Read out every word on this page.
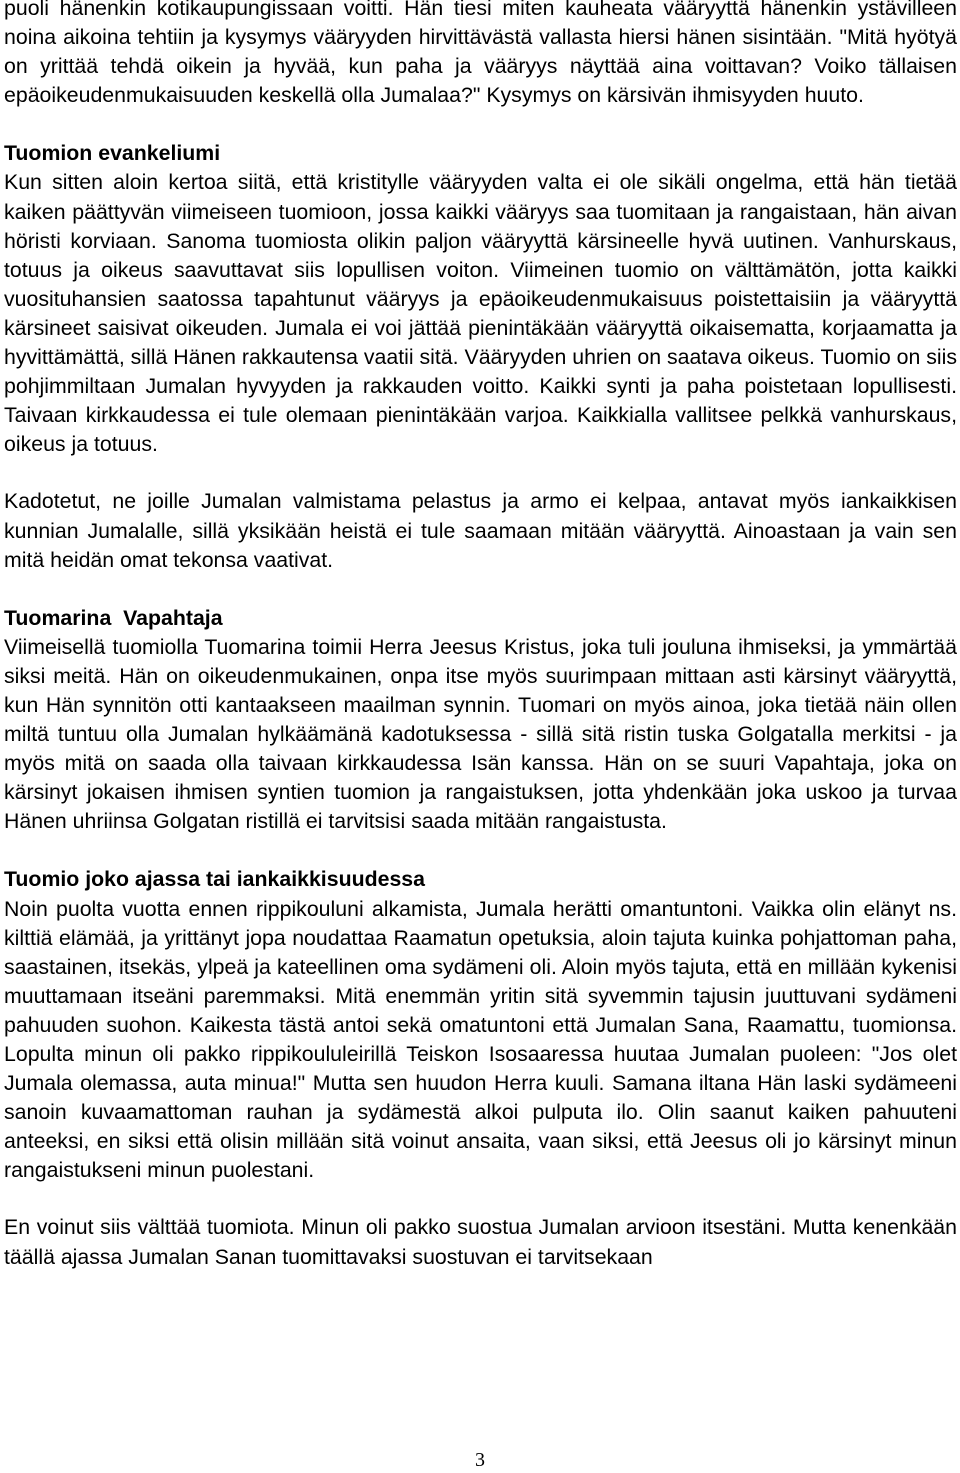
puoli hänenkin kotikaupungissaan voitti. Hän tiesi miten kauheata vääryyttä hänenkin ystävilleen noina aikoina tehtiin ja kysymys vääryyden hirvittävästä vallasta hiersi hänen sisintään. "Mitä hyötyä on yrittää tehdä oikein ja hyvää, kun paha ja vääryys näyttää aina voittavan? Voiko tällaisen epäoikeudenmukaisuuden keskellä olla Jumalaa?" Kysymys on kärsivän ihmisyyden huuto.

Tuomion evankeliumi

Kun sitten aloin kertoa siitä, että kristitylle vääryyden valta ei ole sikäli ongelma, että hän tietää kaiken päättyvän viimeiseen tuomioon, jossa kaikki vääryys saa tuomitaan ja rangaistaan, hän aivan höristi korviaan. Sanoma tuomiosta olikin paljon vääryyttä kärsineelle hyvä uutinen. Vanhurskaus, totuus ja oikeus saavuttavat siis lopullisen voiton. Viimeinen tuomio on välttämätön, jotta kaikki vuosituhansien saatossa tapahtunut vääryys ja epäoikeudenmukaisuus poistettaisiin ja vääryyttä kärsineet saisivat oikeuden. Jumala ei voi jättää pienintäkään vääryyttä oikaisematta, korjaamatta ja hyvittämättä, sillä Hänen rakkautensa vaatii sitä. Vääryyden uhrien on saatava oikeus. Tuomio on siis pohjimmiltaan Jumalan hyvyyden ja rakkauden voitto. Kaikki synti ja paha poistetaan lopullisesti. Taivaan kirkkaudessa ei tule olemaan pienintäkään varjoa. Kaikkialla vallitsee pelkkä vanhurskaus, oikeus ja totuus.

Kadotetut, ne joille Jumalan valmistama pelastus ja armo ei kelpaa, antavat myös iankaikkisen kunnian Jumalalle, sillä yksikään heistä ei tule saamaan mitään vääryyttä. Ainoastaan ja vain sen mitä heidän omat tekonsa vaativat.

Tuomarina  Vapahtaja

Viimeisellä tuomiolla Tuomarina toimii Herra Jeesus Kristus, joka tuli jouluna ihmiseksi, ja ymmärtää siksi meitä. Hän on oikeudenmukainen, onpa itse myös suurimpaan mittaan asti kärsinyt vääryyttä, kun Hän synnitön otti kantaakseen maailman synnin. Tuomari on myös ainoa, joka tietää näin ollen miltä tuntuu olla Jumalan hylkäämänä kadotuksessa - sillä sitä ristin tuska Golgatalla merkitsi - ja myös mitä on saada olla taivaan kirkkaudessa Isän kanssa. Hän on se suuri Vapahtaja, joka on kärsinyt jokaisen ihmisen syntien tuomion ja rangaistuksen, jotta yhdenkään joka uskoo ja turvaa Hänen uhriinsa Golgatan ristillä ei tarvitsisi saada mitään rangaistusta.

Tuomio joko ajassa tai iankaikkisuudessa

Noin puolta vuotta ennen rippikouluni alkamista, Jumala herätti omantuntoni. Vaikka olin elänyt ns. kilttiä elämää, ja yrittänyt jopa noudattaa Raamatun opetuksia, aloin tajuta kuinka pohjattoman paha, saastainen, itsekäs, ylpeä ja kateellinen oma sydämeni oli. Aloin myös tajuta, että en millään kykenisi muuttamaan itseäni paremmaksi. Mitä enemmän yritin sitä syvemmin tajusin juuttuvani sydämeni pahuuden suohon. Kaikesta tästä antoi sekä omatuntoni että Jumalan Sana, Raamattu, tuomionsa. Lopulta minun oli pakko rippikoululeirillä Teiskon Isosaaressa huutaa Jumalan puoleen: "Jos olet Jumala olemassa, auta minua!" Mutta sen huudon Herra kuuli. Samana iltana Hän laski sydämeeni sanoin kuvaamattoman rauhan ja sydämestä alkoi pulputa ilo. Olin saanut kaiken pahuuteni anteeksi, en siksi että olisin millään sitä voinut ansaita, vaan siksi, että Jeesus oli jo kärsinyt minun rangaistukseni minun puolestani.

En voinut siis välttää tuomiota. Minun oli pakko suostua Jumalan arvioon itsestäni. Mutta kenenkään täällä ajassa Jumalan Sanan tuomittavaksi suostuvan ei tarvitsekaan

3
